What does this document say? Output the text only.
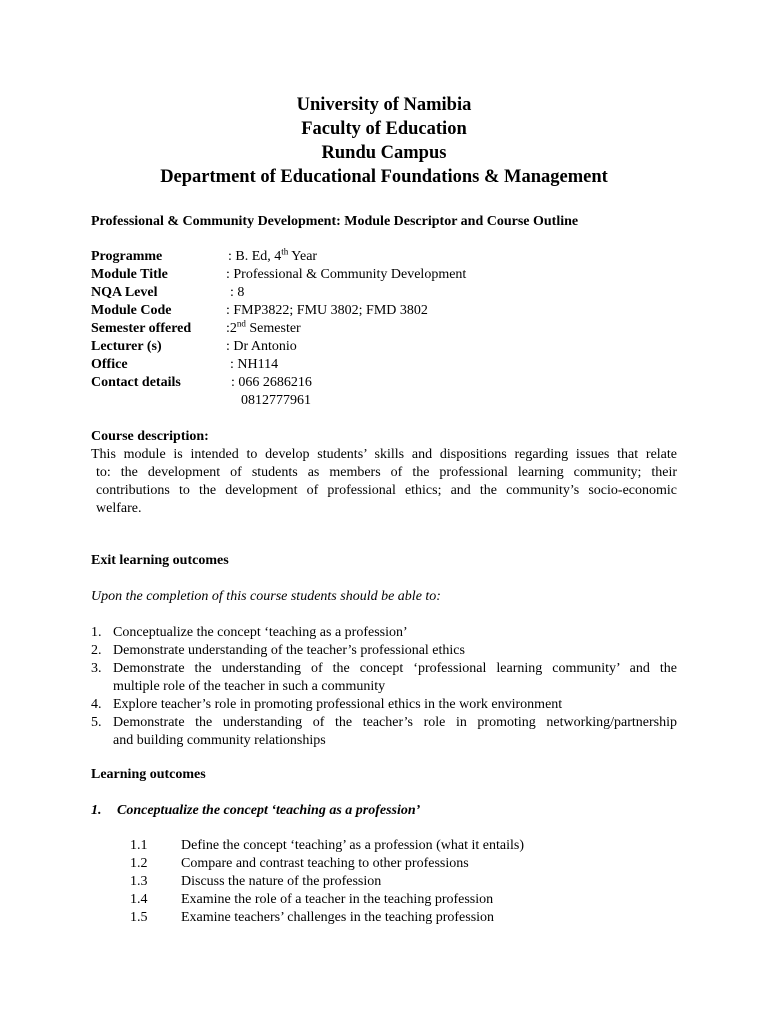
University of Namibia
Faculty of Education
Rundu Campus
Department of Educational Foundations & Management
Professional & Community Development: Module Descriptor and Course Outline
Programme	: B. Ed, 4th Year
Module Title	: Professional & Community Development
NQA Level	: 8
Module Code	: FMP3822; FMU 3802; FMD 3802
Semester offered :2nd Semester
Lecturer (s)	: Dr Antonio
Office	: NH114
Contact details	: 066 2686216
0812777961
Course description:
This module is intended to develop students’ skills and dispositions regarding issues that relate
to: the development of students as members of the professional learning community; their
contributions to the development of professional ethics; and the community’s socio-economic
welfare.
Exit learning outcomes
Upon the completion of this course students should be able to:
1. Conceptualize the concept ‘teaching as a profession’
2. Demonstrate understanding of the teacher’s professional ethics
3. Demonstrate the understanding of the concept ‘professional learning community’ and the
multiple role of the teacher in such a community
4. Explore teacher’s role in promoting professional ethics in the work environment
5. Demonstrate the understanding of the teacher’s role in promoting networking/partnership
and building community relationships
Learning outcomes
1. Conceptualize the concept ‘teaching as a profession’
1.1 Define the concept ‘teaching’ as a profession (what it entails)
1.2 Compare and contrast teaching to other professions
1.3 Discuss the nature of the profession
1.4 Examine the role of a teacher in the teaching profession
1.5 Examine teachers’ challenges in the teaching profession
